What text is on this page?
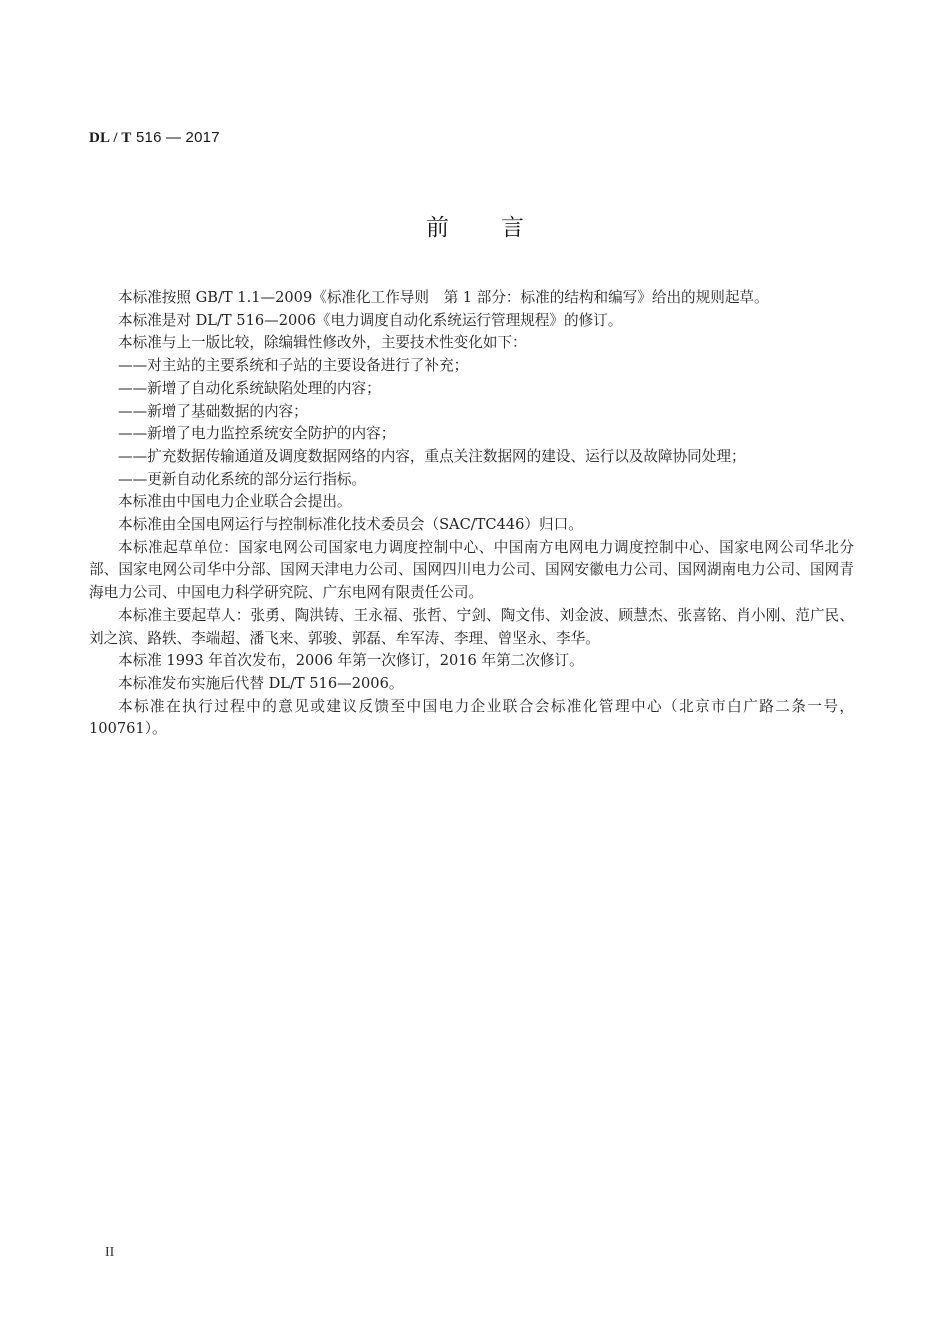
DL / T 516 — 2017
前 言

本标准按照 GB/T 1.1—2009《标准化工作导则　第 1 部分：标准的结构和编写》给出的规则起草。

本标准是对 DL/T 516—2006《电力调度自动化系统运行管理规程》的修订。

本标准与上一版比较，除编辑性修改外，主要技术性变化如下：

——对主站的主要系统和子站的主要设备进行了补充；

——新增了自动化系统缺陷处理的内容；

——新增了基础数据的内容；

——新增了电力监控系统安全防护的内容；

——扩充数据传输通道及调度数据网络的内容，重点关注数据网的建设、运行以及故障协同处理；

——更新自动化系统的部分运行指标。

本标准由中国电力企业联合会提出。

本标准由全国电网运行与控制标准化技术委员会（SAC/TC446）归口。

本标准起草单位：国家电网公司国家电力调度控制中心、中国南方电网电力调度控制中心、国家电网公司华北分部、国家电网公司华中分部、国网天津电力公司、国网四川电力公司、国网安徽电力公司、国网湖南电力公司、国网青海电力公司、中国电力科学研究院、广东电网有限责任公司。

本标准主要起草人：张勇、陶洪铸、王永福、张哲、宁剑、陶文伟、刘金波、顾慧杰、张喜铭、肖小刚、范广民、刘之滨、路轶、李端超、潘飞来、郭骏、郭磊、牟军涛、李理、曾坚永、李华。

本标准 1993 年首次发布，2006 年第一次修订，2016 年第二次修订。

本标准发布实施后代替 DL/T 516—2006。

本标准在执行过程中的意见或建议反馈至中国电力企业联合会标准化管理中心（北京市白广路二条一号，100761）。

II
